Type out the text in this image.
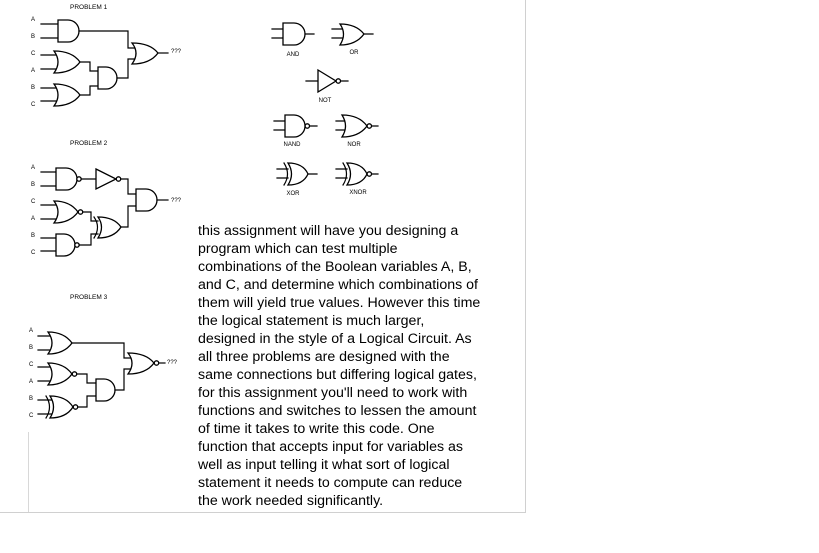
PROBLEM 1
A
B
C
A
B
C
???
PROBLEM 2
A
B
C
A
B
C
???
PROBLEM 3
A
B
C
A
B
C
???
AND	OR
NOT
NAND	NOR
XOR	XNOR
this assignment will have you designing a
program which can test multiple
combinations of the Boolean variables A, B,
and C, and determine which combinations of
them will yield true values. However this time
the logical statement is much larger,
designed in the style of a Logical Circuit. As
all three problems are designed with the
same connections but differing logical gates,
for this assignment you'll need to work with
functions and switches to lessen the amount
of time it takes to write this code. One
function that accepts input for variables as
well as input telling it what sort of logical
statement it needs to compute can reduce
the work needed significantly.
